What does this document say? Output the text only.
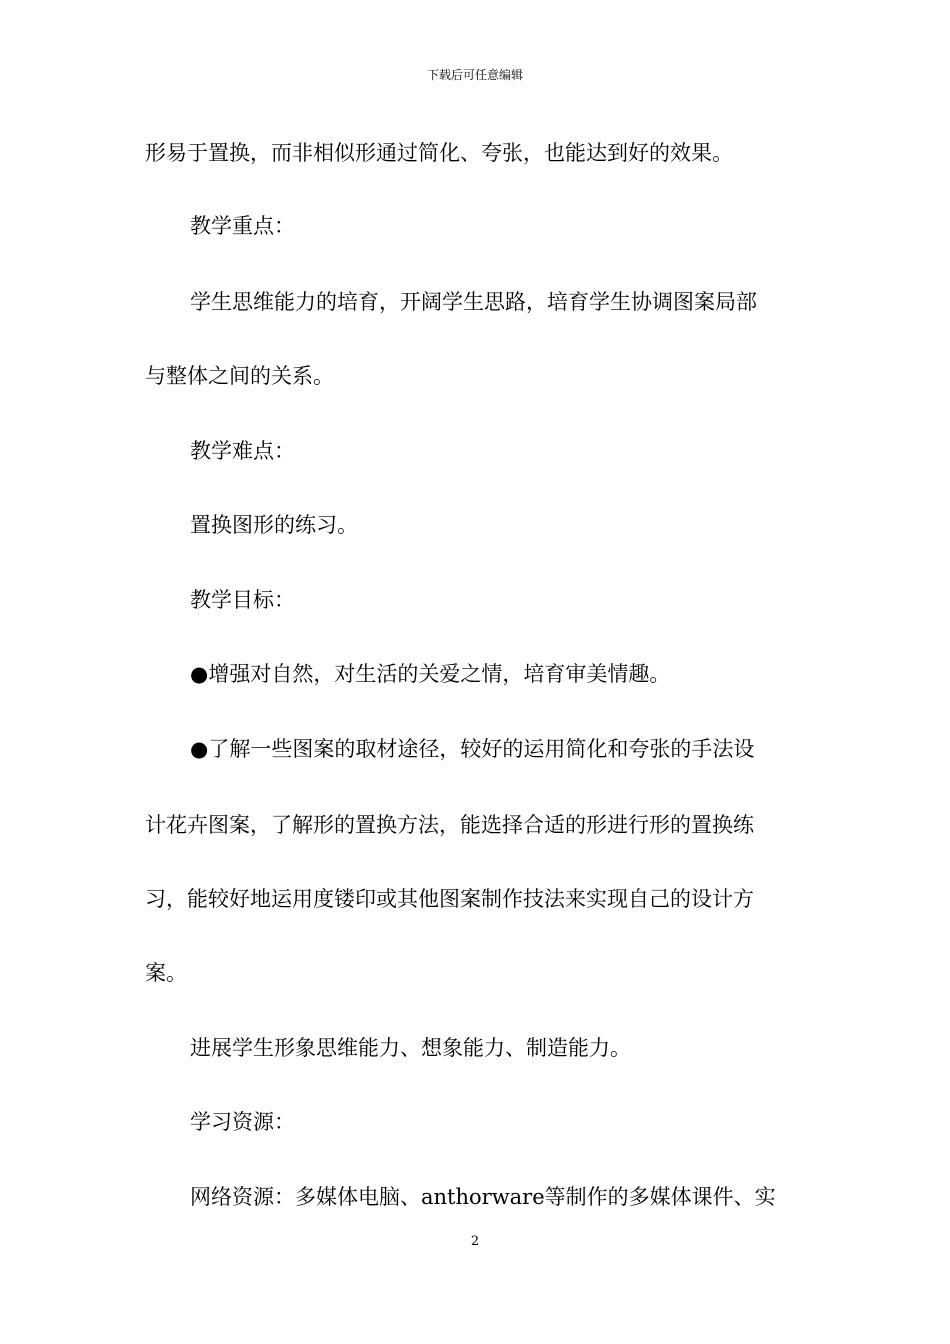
下载后可任意编辑
形易于置换，而非相似形通过简化、夸张，也能达到好的效果。
教学重点：
学生思维能力的培育，开阔学生思路，培育学生协调图案局部
与整体之间的关系。
教学难点：
置换图形的练习。
教学目标：
●增强对自然，对生活的关爱之情，培育审美情趣。
●了解一些图案的取材途径，较好的运用简化和夸张的手法设
计花卉图案，了解形的置换方法，能选择合适的形进行形的置换练
习，能较好地运用度镂印或其他图案制作技法来实现自己的设计方
案。
进展学生形象思维能力、想象能力、制造能力。
学习资源：
网络资源：多媒体电脑、anthorware等制作的多媒体课件、实
2
